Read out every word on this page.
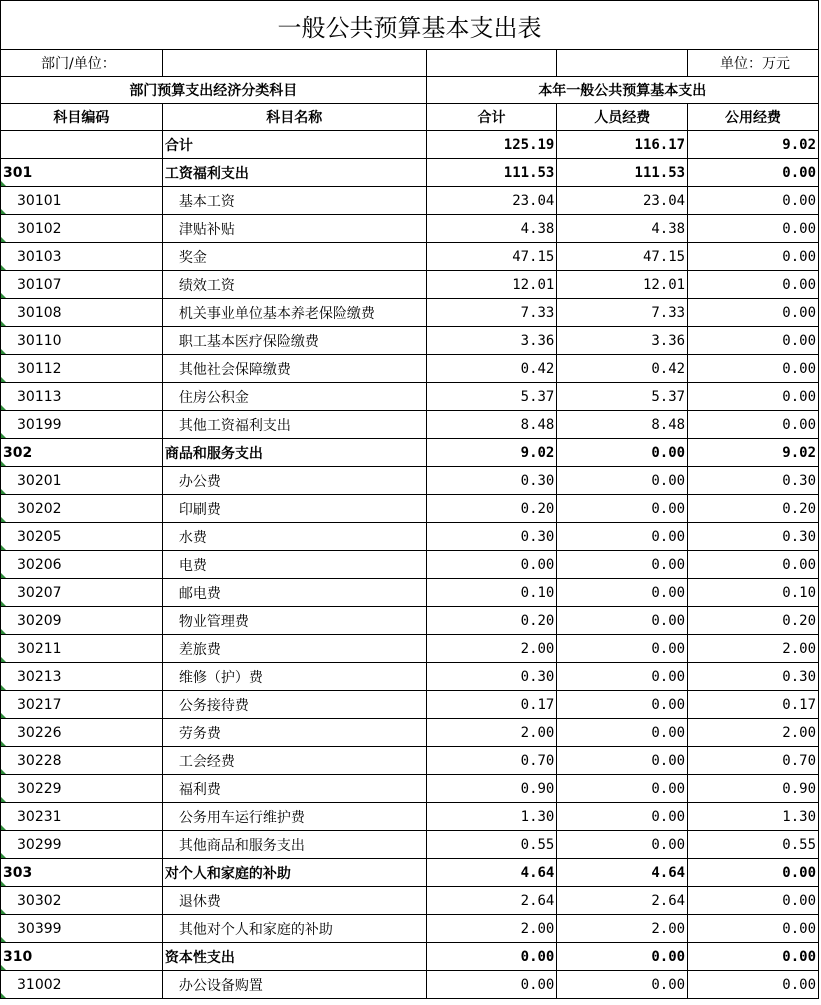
一般公共预算基本支出表				
部门/单位：				单位：万元
部门预算支出经济分类科目		本年一般公共预算基本支出		
科目编码	科目名称	合计	人员经费	公用经费
	合计	125.19	116.17	9.02
301	工资福利支出	111.53	111.53	0.00
30101	基本工资	23.04	23.04	0.00
30102	津贴补贴	4.38	4.38	0.00
30103	奖金	47.15	47.15	0.00
30107	绩效工资	12.01	12.01	0.00
30108	机关事业单位基本养老保险缴费	7.33	7.33	0.00
30110	职工基本医疗保险缴费	3.36	3.36	0.00
30112	其他社会保障缴费	0.42	0.42	0.00
30113	住房公积金	5.37	5.37	0.00
30199	其他工资福利支出	8.48	8.48	0.00
302	商品和服务支出	9.02	0.00	9.02
30201	办公费	0.30	0.00	0.30
30202	印刷费	0.20	0.00	0.20
30205	水费	0.30	0.00	0.30
30206	电费	0.00	0.00	0.00
30207	邮电费	0.10	0.00	0.10
30209	物业管理费	0.20	0.00	0.20
30211	差旅费	2.00	0.00	2.00
30213	维修（护）费	0.30	0.00	0.30
30217	公务接待费	0.17	0.00	0.17
30226	劳务费	2.00	0.00	2.00
30228	工会经费	0.70	0.00	0.70
30229	福利费	0.90	0.00	0.90
30231	公务用车运行维护费	1.30	0.00	1.30
30299	其他商品和服务支出	0.55	0.00	0.55
303	对个人和家庭的补助	4.64	4.64	0.00
30302	退休费	2.64	2.64	0.00
30399	其他对个人和家庭的补助	2.00	2.00	0.00
310	资本性支出	0.00	0.00	0.00
31002	办公设备购置	0.00	0.00	0.00
